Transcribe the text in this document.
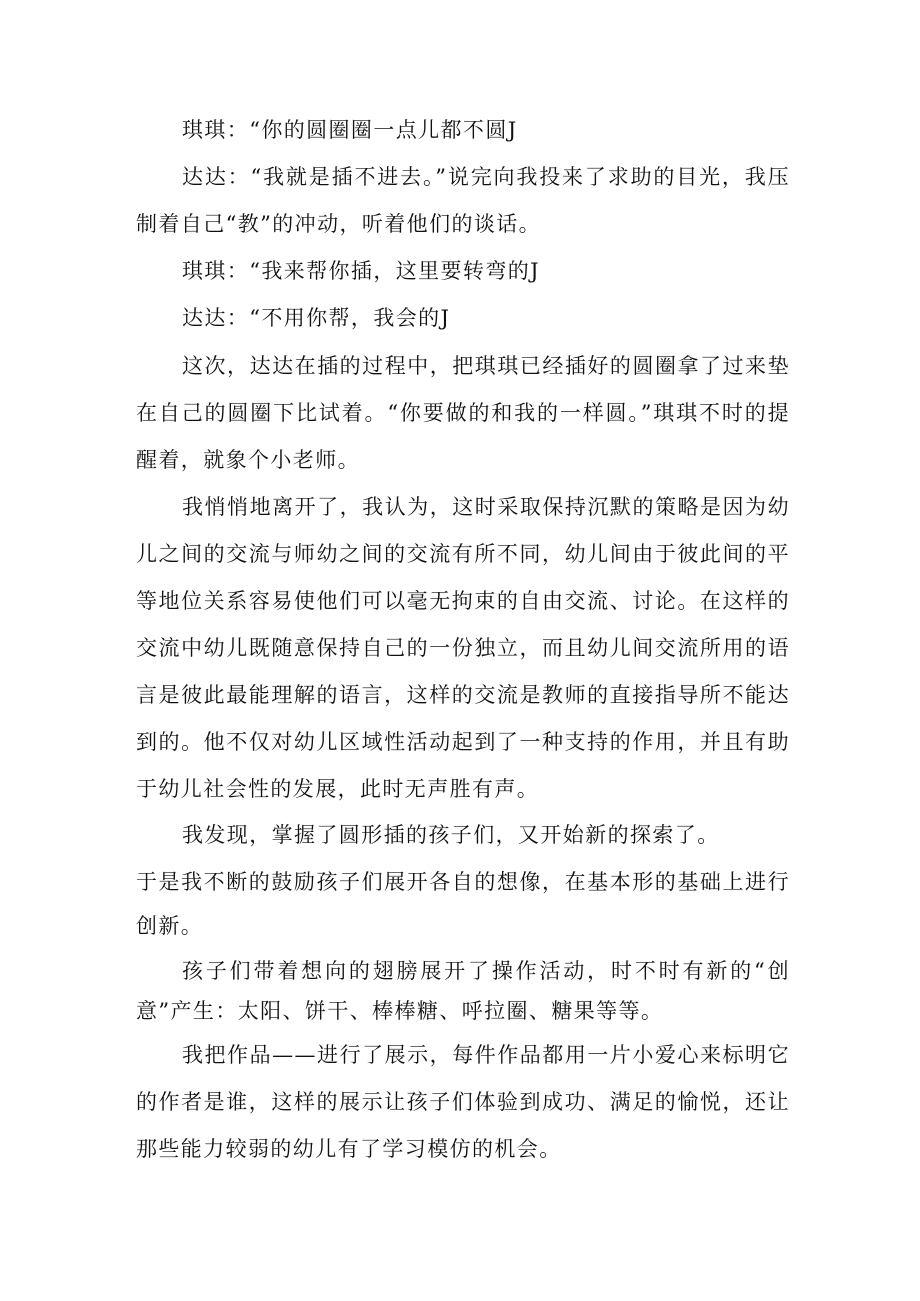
琪琪：“你的圆圈圈一点儿都不圆J

达达：“我就是插不进去。”说完向我投来了求助的目光，我压制着自己“教”的冲动，听着他们的谈话。

琪琪：“我来帮你插，这里要转弯的J

达达：“不用你帮，我会的J

这次，达达在插的过程中，把琪琪已经插好的圆圈拿了过来垫在自己的圆圈下比试着。“你要做的和我的一样圆。”琪琪不时的提醒着，就象个小老师。

我悄悄地离开了，我认为，这时采取保持沉默的策略是因为幼儿之间的交流与师幼之间的交流有所不同，幼儿间由于彼此间的平等地位关系容易使他们可以毫无拘束的自由交流、讨论。在这样的交流中幼儿既随意保持自己的一份独立，而且幼儿间交流所用的语言是彼此最能理解的语言，这样的交流是教师的直接指导所不能达到的。他不仅对幼儿区域性活动起到了一种支持的作用，并且有助于幼儿社会性的发展，此时无声胜有声。

我发现，掌握了圆形插的孩子们，又开始新的探索了。

于是我不断的鼓励孩子们展开各自的想像，在基本形的基础上进行创新。

孩子们带着想向的翅膀展开了操作活动，时不时有新的“创意”产生：太阳、饼干、棒棒糖、呼拉圈、糖果等等。

我把作品——进行了展示，每件作品都用一片小爱心来标明它的作者是谁，这样的展示让孩子们体验到成功、满足的愉悦，还让那些能力较弱的幼儿有了学习模仿的机会。
